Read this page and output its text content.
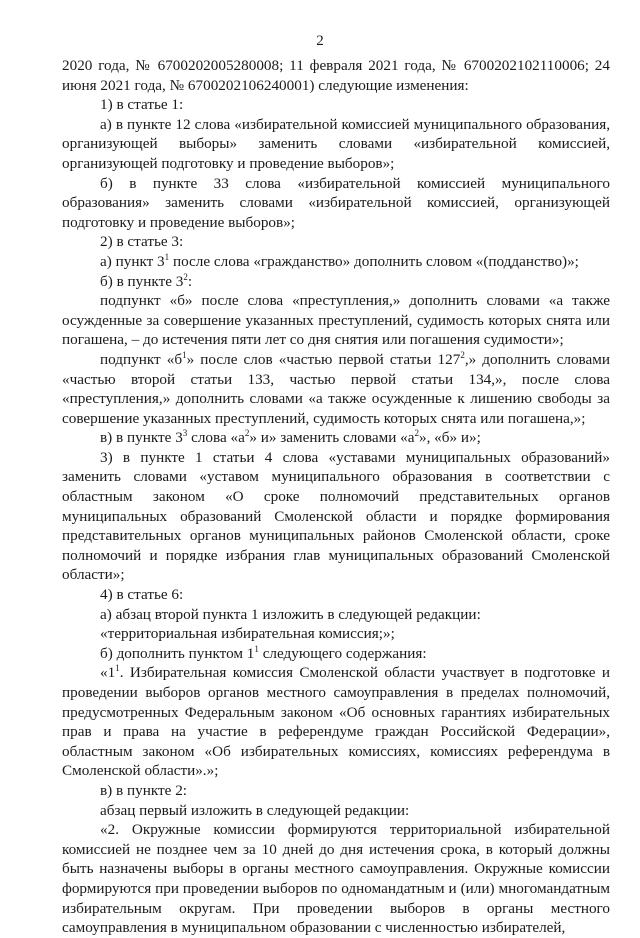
2

2020 года, № 6700202005280008; 11 февраля 2021 года, № 6700202102110006; 24 июня 2021 года, № 6700202106240001) следующие изменения:

1) в статье 1:

а) в пункте 12 слова «избирательной комиссией муниципального образования, организующей выборы» заменить словами «избирательной комиссией, организующей подготовку и проведение выборов»;

б) в пункте 33 слова «избирательной комиссией муниципального образования» заменить словами «избирательной комиссией, организующей подготовку и проведение выборов»;

2) в статье 3:

а) пункт $3^1$ после слова «гражданство» дополнить словом «(подданство)»;

б) в пункте $3^2$:

подпункт «б» после слова «преступления,» дополнить словами «а также осужденные за совершение указанных преступлений, судимость которых снята или погашена, – до истечения пяти лет со дня снятия или погашения судимости»;

подпункт «$б^1$» после слов «частью первой статьи $127^2$,» дополнить словами «частью второй статьи 133, частью первой статьи 134,», после слова «преступления,» дополнить словами «а также осужденные к лишению свободы за совершение указанных преступлений, судимость которых снята или погашена,»;

в) в пункте $3^3$ слова «$а^2$» и» заменить словами «$а^2$», «б» и»;

3) в пункте 1 статьи 4 слова «уставами муниципальных образований» заменить словами «уставом муниципального образования в соответствии с областным законом «О сроке полномочий представительных органов муниципальных образований Смоленской области и порядке формирования представительных органов муниципальных районов Смоленской области, сроке полномочий и порядке избрания глав муниципальных образований Смоленской области»;

4) в статье 6:

а) абзац второй пункта 1 изложить в следующей редакции:

«территориальная избирательная комиссия;»;

б) дополнить пунктом $1^1$ следующего содержания:

«$1^1$. Избирательная комиссия Смоленской области участвует в подготовке и проведении выборов органов местного самоуправления в пределах полномочий, предусмотренных Федеральным законом «Об основных гарантиях избирательных прав и права на участие в референдуме граждан Российской Федерации», областным законом «Об избирательных комиссиях, комиссиях референдума в Смоленской области».»;

в) в пункте 2:

абзац первый изложить в следующей редакции:

«2. Окружные комиссии формируются территориальной избирательной комиссией не позднее чем за 10 дней до дня истечения срока, в который должны быть назначены выборы в органы местного самоуправления. Окружные комиссии формируются при проведении выборов по одномандатным и (или) многомандатным избирательным округам. При проведении выборов в органы местного самоуправления в муниципальном образовании с численностью избирателей,
